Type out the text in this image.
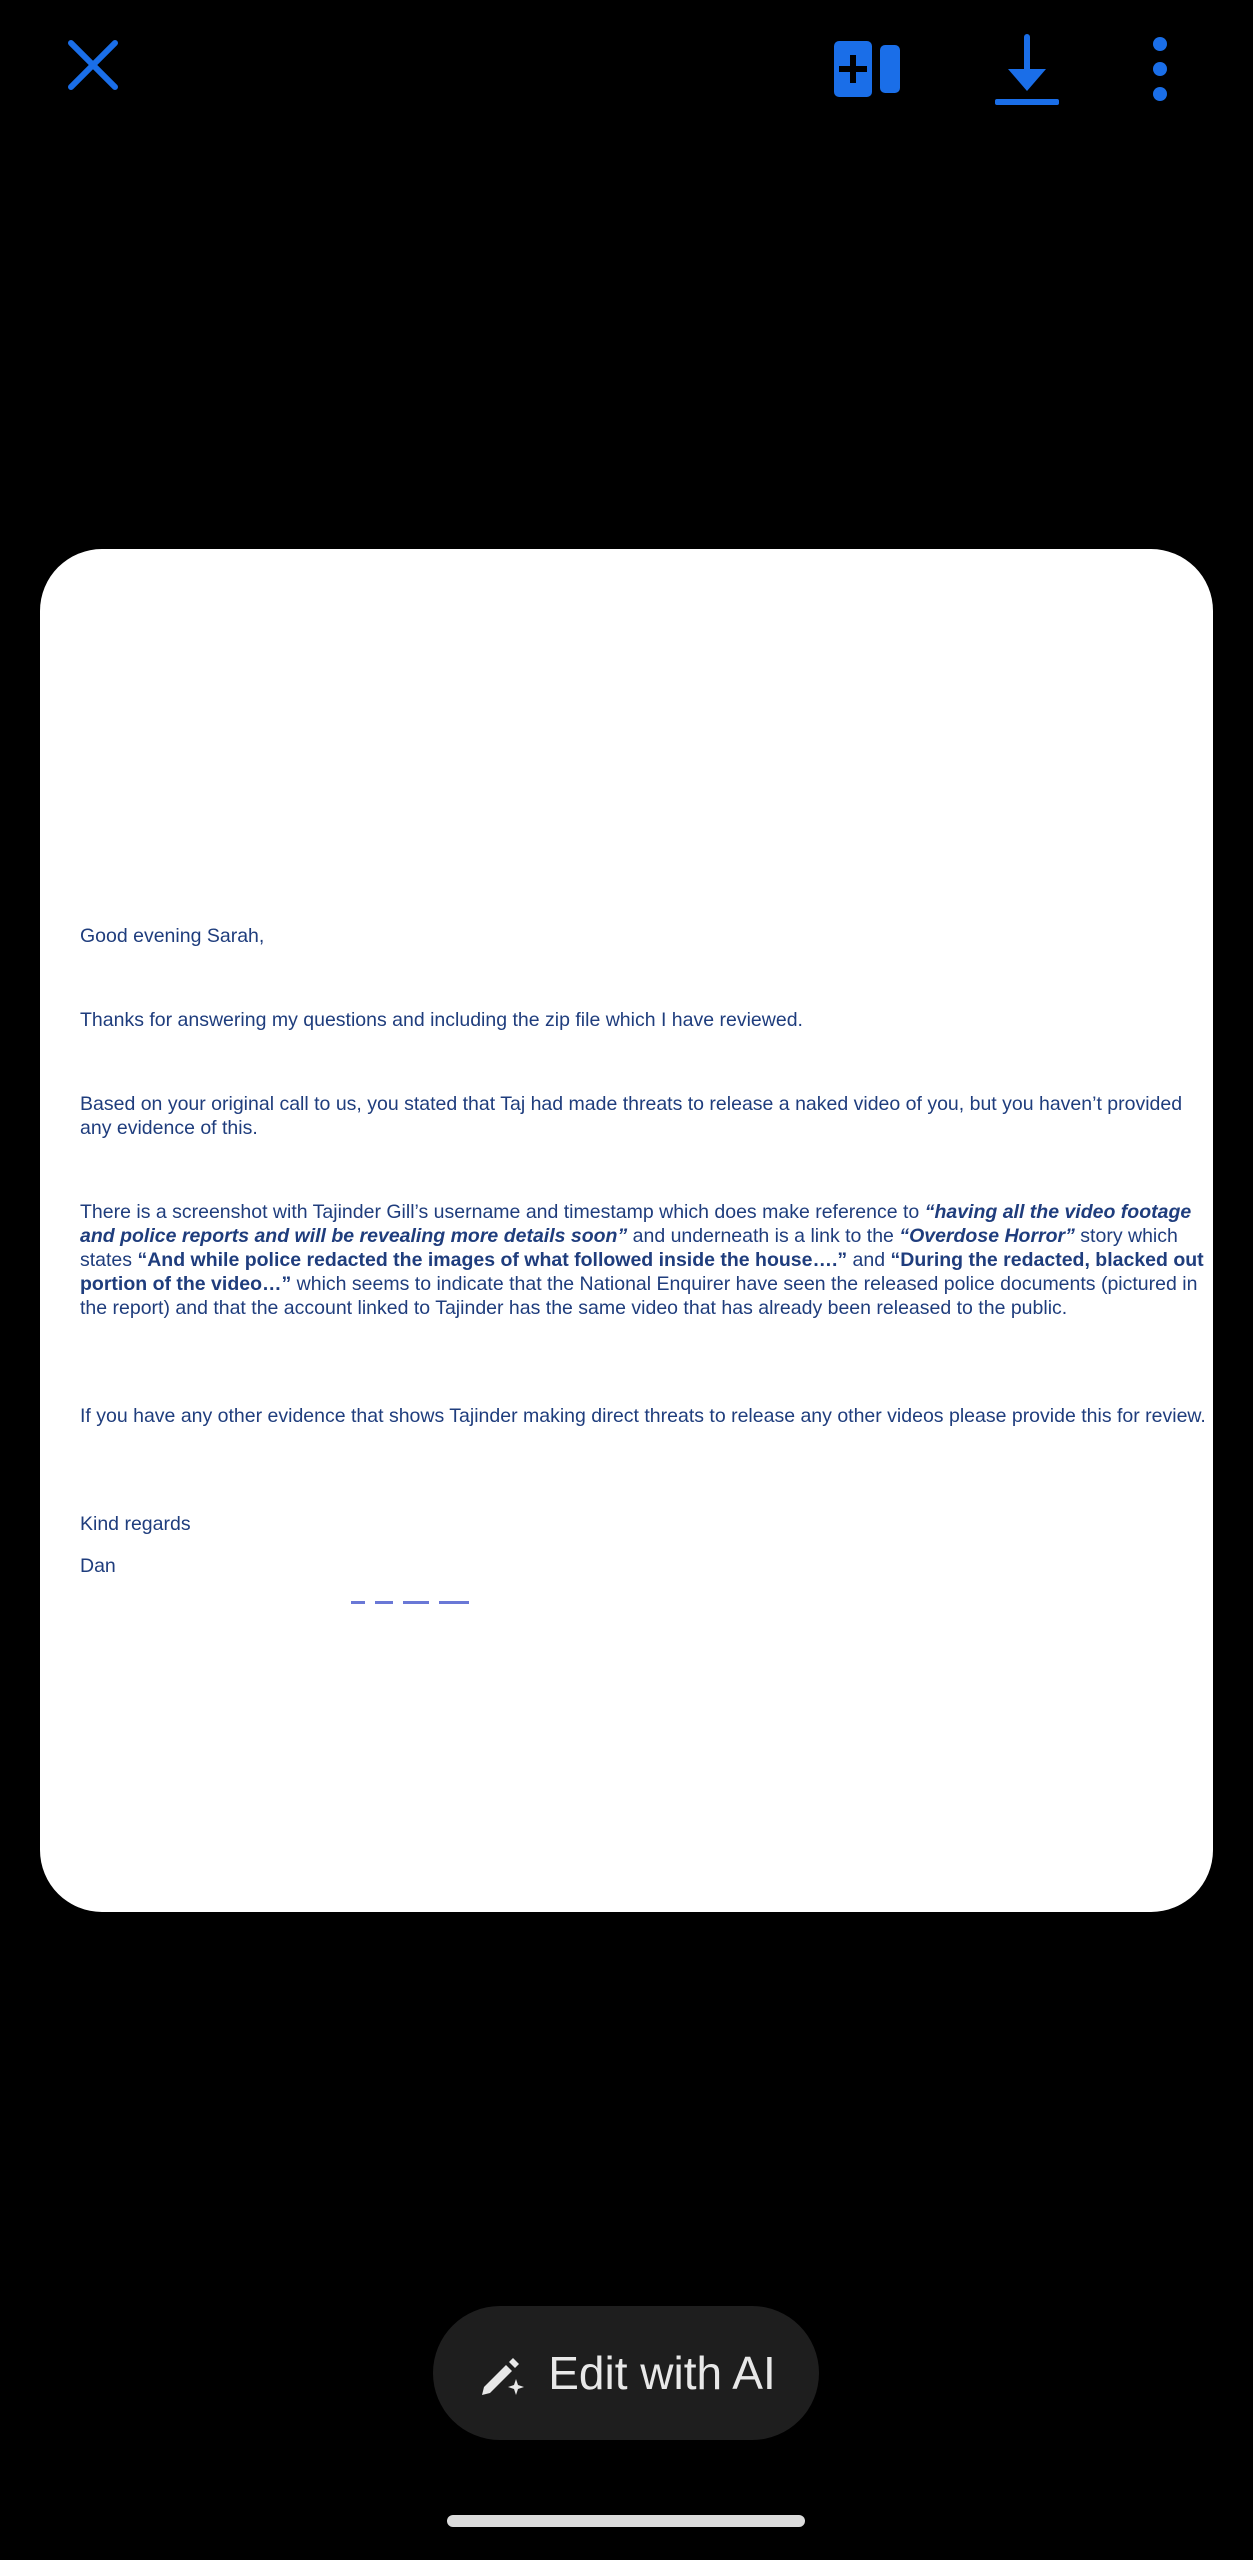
Good evening Sarah,

Thanks for answering my questions and including the zip file which I have reviewed.

Based on your original call to us, you stated that Taj had made threats to release a naked video of you, but you haven’t provided any evidence of this.

There is a screenshot with Tajinder Gill’s username and timestamp which does make reference to “having all the video footage and police reports and will be revealing more details soon” and underneath is a link to the “Overdose Horror” story which states “And while police redacted the images of what followed inside the house….” and “During the redacted, blacked out portion of the video…” which seems to indicate that the National Enquirer have seen the released police documents (pictured in the report) and that the account linked to Tajinder has the same video that has already been released to the public.

If you have any other evidence that shows Tajinder making direct threats to release any other videos please provide this for review.

Kind regards

Dan

Edit with AI
